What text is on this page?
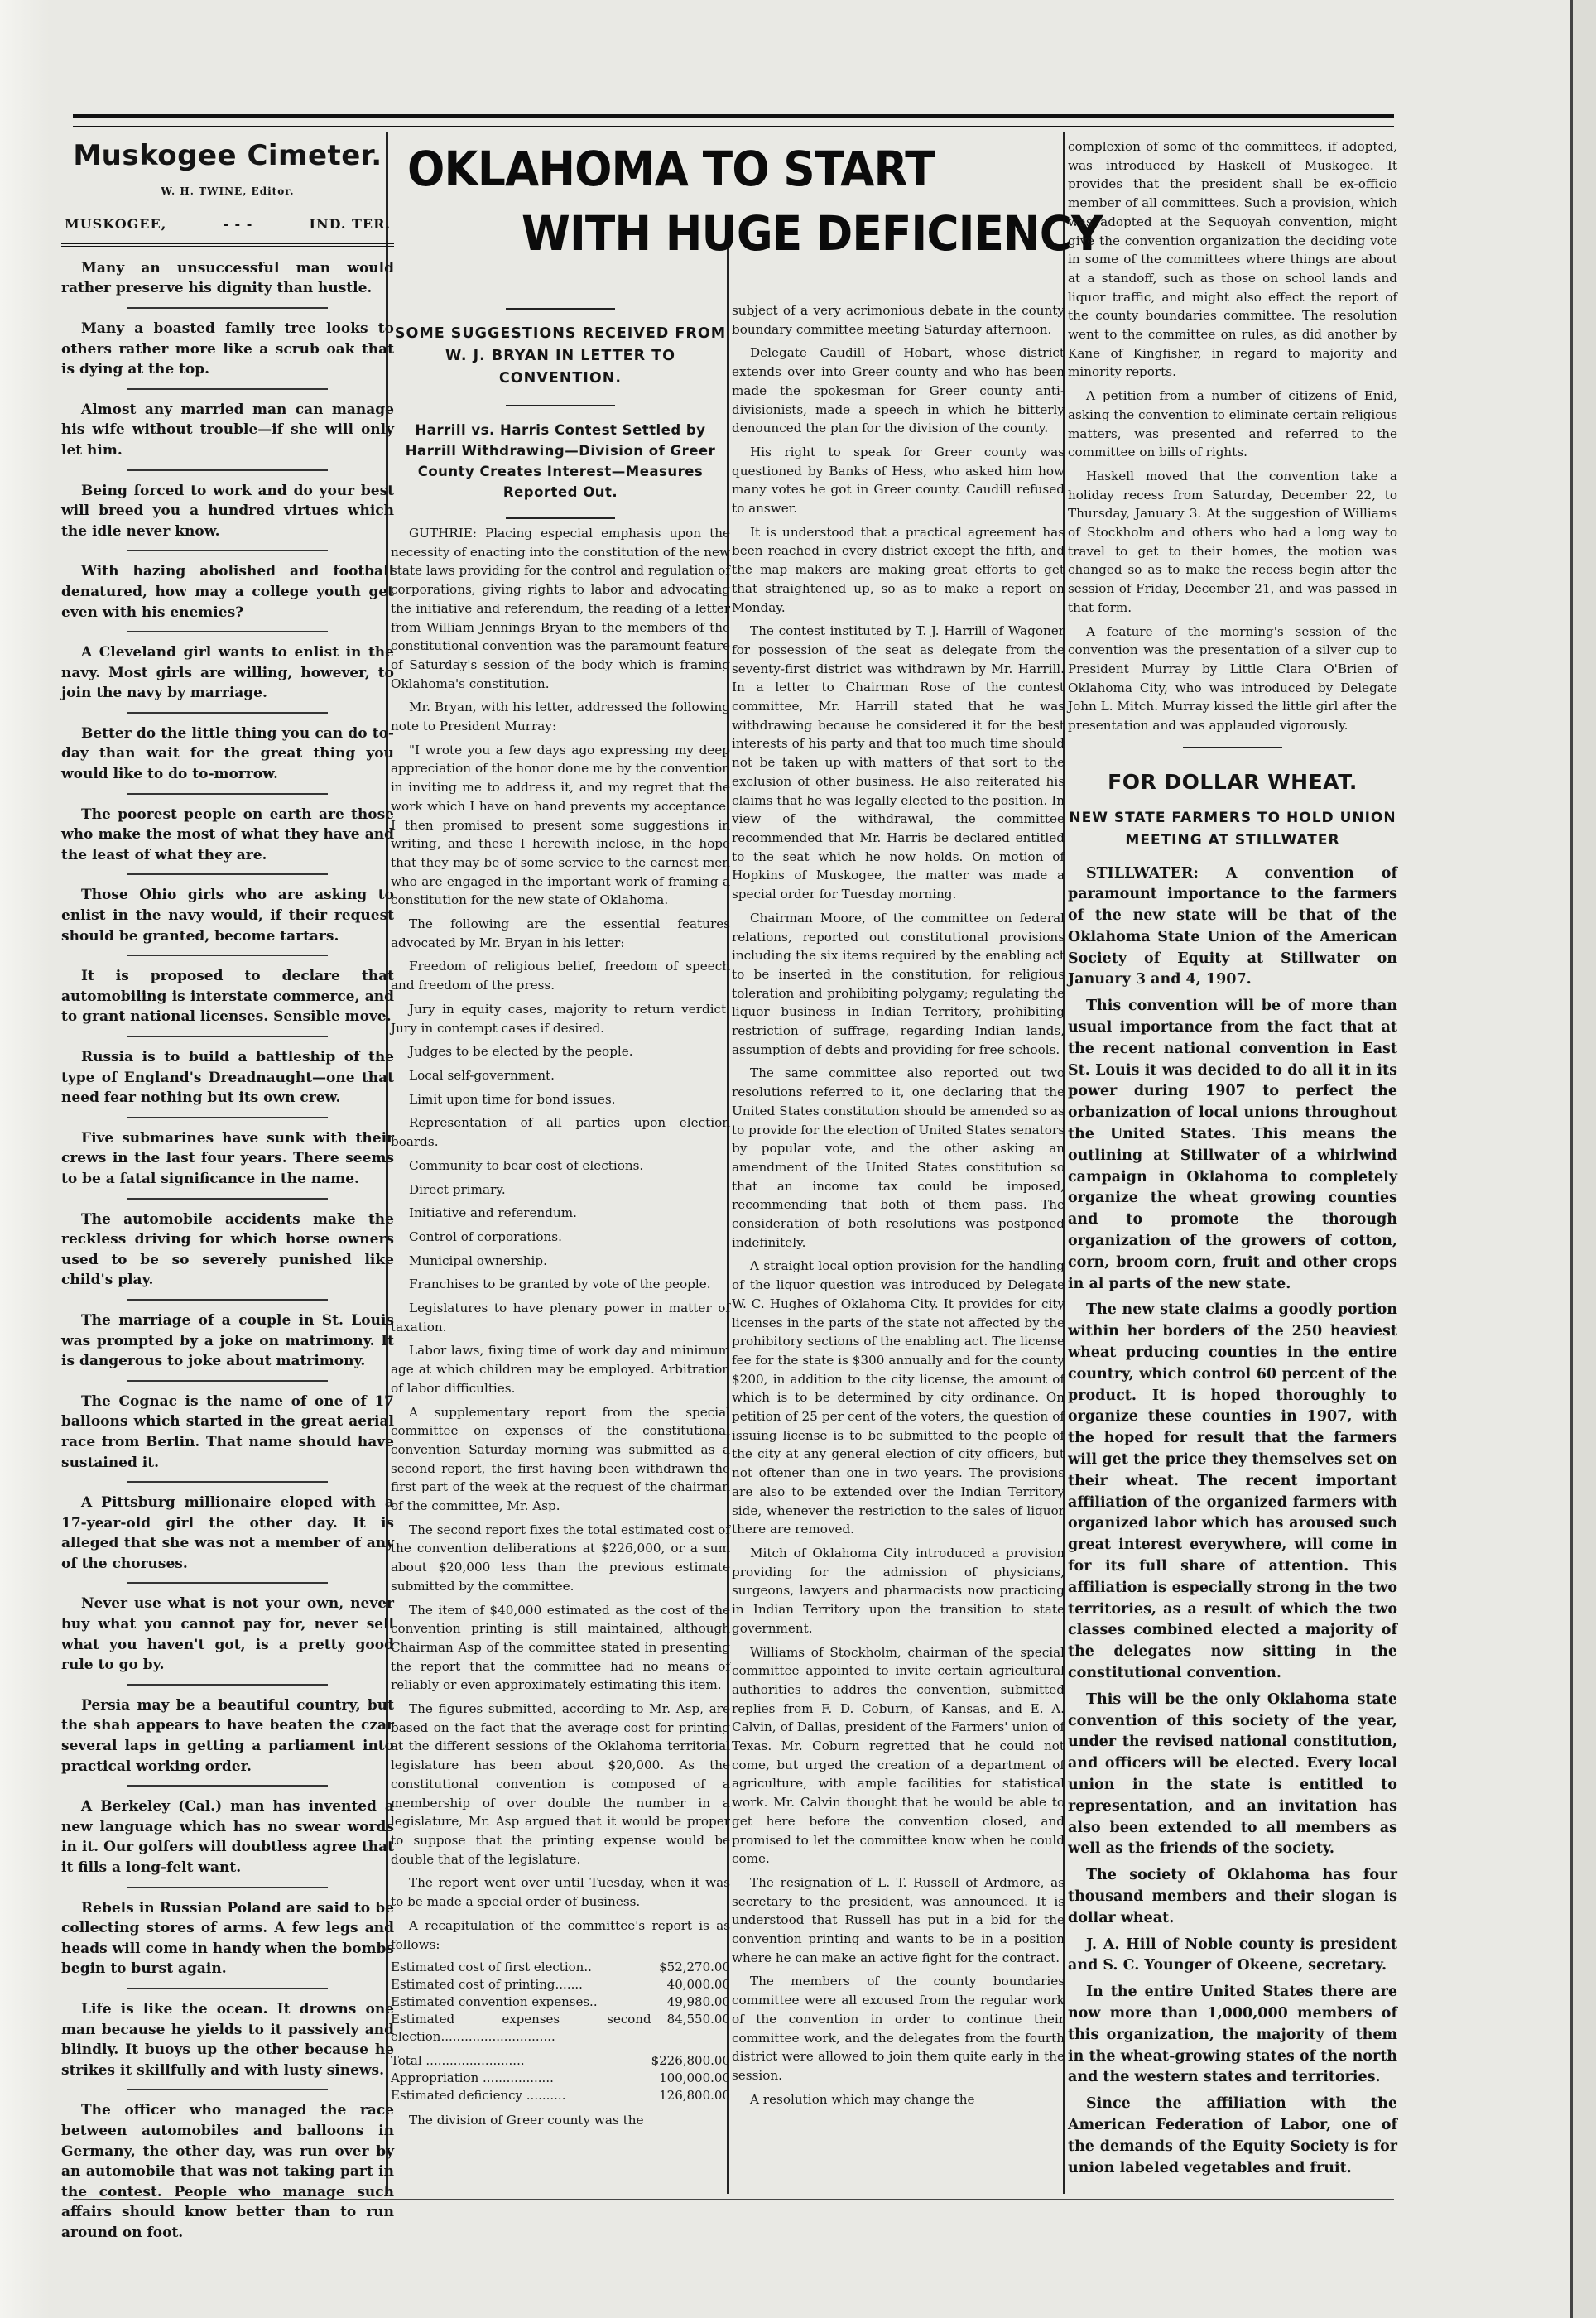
Muskogee Cimeter.
W. H. TWINE, Editor.
MUSKOGEE,	- - -	IND. TER.

Many an unsuccessful man would rather preserve his dignity than hustle.

Many a boasted family tree looks to others rather more like a scrub oak that is dying at the top.

Almost any married man can manage his wife without trouble—if she will only let him.

Being forced to work and do your best will breed you a hundred virtues which the idle never know.

With hazing abolished and football denatured, how may a college youth get even with his enemies?

A Cleveland girl wants to enlist in the navy. Most girls are willing, however, to join the navy by marriage.

Better do the little thing you can do to-day than wait for the great thing you would like to do to-morrow.

The poorest people on earth are those who make the most of what they have and the least of what they are.

Those Ohio girls who are asking to enlist in the navy would, if their request should be granted, become tartars.

It is proposed to declare that automobiling is interstate commerce, and to grant national licenses. Sensible move.

Russia is to build a battleship of the type of England's Dreadnaught—one that need fear nothing but its own crew.

Five submarines have sunk with their crews in the last four years. There seems to be a fatal significance in the name.

The automobile accidents make the reckless driving for which horse owners used to be so severely punished like child's play.

The marriage of a couple in St. Louis was prompted by a joke on matrimony. It is dangerous to joke about matrimony.

The Cognac is the name of one of 17 balloons which started in the great aerial race from Berlin. That name should have sustained it.

A Pittsburg millionaire eloped with a 17-year-old girl the other day. It is alleged that she was not a member of any of the choruses.

Never use what is not your own, never buy what you cannot pay for, never sell what you haven't got, is a pretty good rule to go by.

Persia may be a beautiful country, but the shah appears to have beaten the czar several laps in getting a parliament into practical working order.

A Berkeley (Cal.) man has invented a new language which has no swear words in it. Our golfers will doubtless agree that it fills a long-felt want.

Rebels in Russian Poland are said to be collecting stores of arms. A few legs and heads will come in handy when the bombs begin to burst again.

Life is like the ocean. It drowns one man because he yields to it passively and blindly. It buoys up the other because he strikes it skillfully and with lusty sinews.

The officer who managed the race between automobiles and balloons in Germany, the other day, was run over by an automobile that was not taking part in the contest. People who manage such affairs should know better than to run around on foot.

OKLAHOMA TO START
WITH HUGE DEFICIENCY
SOME SUGGESTIONS RECEIVED FROM W. J. BRYAN IN LETTER TO CONVENTION.
Harrill vs. Harris Contest Settled by Harrill Withdrawing—Division of Greer County Creates Interest—Measures Reported Out.

GUTHRIE: Placing especial emphasis upon the necessity of enacting into the constitution of the new state laws providing for the control and regulation of corporations, giving rights to labor and advocating the initiative and referendum, the reading of a letter from William Jennings Bryan to the members of the constitutional convention was the paramount feature of Saturday's session of the body which is framing Oklahoma's constitution.

Mr. Bryan, with his letter, addressed the following note to President Murray:

"I wrote you a few days ago expressing my deep appreciation of the honor done me by the convention in inviting me to address it, and my regret that the work which I have on hand prevents my acceptance. I then promised to present some suggestions in writing, and these I herewith inclose, in the hope that they may be of some service to the earnest men who are engaged in the important work of framing a constitution for the new state of Oklahoma.

The following are the essential features advocated by Mr. Bryan in his letter:

Freedom of religious belief, freedom of speech and freedom of the press.

Jury in equity cases, majority to return verdict. Jury in contempt cases if desired.

Judges to be elected by the people.

Local self-government.

Limit upon time for bond issues.

Representation of all parties upon election boards.

Community to bear cost of elections.

Direct primary.

Initiative and referendum.

Control of corporations.

Municipal ownership.

Franchises to be granted by vote of the people.

Legislatures to have plenary power in matter of taxation.

Labor laws, fixing time of work day and minimum age at which children may be employed. Arbitration of labor difficulties.

A supplementary report from the special committee on expenses of the constitutional convention Saturday morning was submitted as a second report, the first having been withdrawn the first part of the week at the request of the chairman of the committee, Mr. Asp.

The second report fixes the total estimated cost of the convention deliberations at $226,000, or a sum about $20,000 less than the previous estimate submitted by the committee.

The item of $40,000 estimated as the cost of the convention printing is still maintained, although Chairman Asp of the committee stated in presenting the report that the committee had no means of reliably or even approximately estimating this item.

The figures submitted, according to Mr. Asp, are based on the fact that the average cost for printing at the different sessions of the Oklahoma territorial legislature has been about $20,000. As the constitutional convention is composed of a membership of over double the number in a legislature, Mr. Asp argued that it would be proper to suppose that the printing expense would be double that of the legislature.

The report went over until Tuesday, when it was to be made a special order of business.

A recapitulation of the committee's report is as follows:

Estimated cost of first election..	$52,270.00
Estimated cost of printing.......	40,000.00
Estimated convention expenses..	49,980.00
Estimated expenses second election.............................	84,550.00
Total .........................	$226,800.00
Appropriation ..................	100,000.00
Estimated deficiency ..........	126,800.00

The division of Greer county was the

subject of a very acrimonious debate in the county boundary committee meeting Saturday afternoon.

Delegate Caudill of Hobart, whose district extends over into Greer county and who has been made the spokesman for Greer county anti-divisionists, made a speech in which he bitterly denounced the plan for the division of the county.

His right to speak for Greer county was questioned by Banks of Hess, who asked him how many votes he got in Greer county. Caudill refused to answer.

It is understood that a practical agreement has been reached in every district except the fifth, and the map makers are making great efforts to get that straightened up, so as to make a report on Monday.

The contest instituted by T. J. Harrill of Wagoner for possession of the seat as delegate from the seventy-first district was withdrawn by Mr. Harrill. In a letter to Chairman Rose of the contest committee, Mr. Harrill stated that he was withdrawing because he considered it for the best interests of his party and that too much time should not be taken up with matters of that sort to the exclusion of other business. He also reiterated his claims that he was legally elected to the position. In view of the withdrawal, the committee recommended that Mr. Harris be declared entitled to the seat which he now holds. On motion of Hopkins of Muskogee, the matter was made a special order for Tuesday morning.

Chairman Moore, of the committee on federal relations, reported out constitutional provisions including the six items required by the enabling act to be inserted in the constitution, for religious toleration and prohibiting polygamy; regulating the liquor business in Indian Territory, prohibiting restriction of suffrage, regarding Indian lands, assumption of debts and providing for free schools.

The same committee also reported out two resolutions referred to it, one declaring that the United States constitution should be amended so as to provide for the election of United States senators by popular vote, and the other asking an amendment of the United States constitution so that an income tax could be imposed, recommending that both of them pass. The consideration of both resolutions was postponed indefinitely.

A straight local option provision for the handling of the liquor question was introduced by Delegate W. C. Hughes of Oklahoma City. It provides for city licenses in the parts of the state not affected by the prohibitory sections of the enabling act. The license fee for the state is $300 annually and for the county $200, in addition to the city license, the amount of which is to be determined by city ordinance. On petition of 25 per cent of the voters, the question of issuing license is to be submitted to the people of the city at any general election of city officers, but not oftener than one in two years. The provisions are also to be extended over the Indian Territory side, whenever the restriction to the sales of liquor there are removed.

Mitch of Oklahoma City introduced a provision providing for the admission of physicians, surgeons, lawyers and pharmacists now practicing in Indian Territory upon the transition to state government.

Williams of Stockholm, chairman of the special committee appointed to invite certain agricultural authorities to addres the convention, submitted replies from F. D. Coburn, of Kansas, and E. A. Calvin, of Dallas, president of the Farmers' union of Texas. Mr. Coburn regretted that he could not come, but urged the creation of a department of agriculture, with ample facilities for statistical work. Mr. Calvin thought that he would be able to get here before the convention closed, and promised to let the committee know when he could come.

The resignation of L. T. Russell of Ardmore, as secretary to the president, was announced. It is understood that Russell has put in a bid for the convention printing and wants to be in a position where he can make an active fight for the contract.

The members of the county boundaries committee were all excused from the regular work of the convention in order to continue their committee work, and the delegates from the fourth district were allowed to join them quite early in the session.

A resolution which may change the

complexion of some of the committees, if adopted, was introduced by Haskell of Muskogee. It provides that the president shall be ex-officio member of all committees. Such a provision, which was adopted at the Sequoyah convention, might give the convention organization the deciding vote in some of the committees where things are about at a standoff, such as those on school lands and liquor traffic, and might also effect the report of the county boundaries committee. The resolution went to the committee on rules, as did another by Kane of Kingfisher, in regard to majority and minority reports.

A petition from a number of citizens of Enid, asking the convention to eliminate certain religious matters, was presented and referred to the committee on bills of rights.

Haskell moved that the convention take a holiday recess from Saturday, December 22, to Thursday, January 3. At the suggestion of Williams of Stockholm and others who had a long way to travel to get to their homes, the motion was changed so as to make the recess begin after the session of Friday, December 21, and was passed in that form.

A feature of the morning's session of the convention was the presentation of a silver cup to President Murray by Little Clara O'Brien of Oklahoma City, who was introduced by Delegate John L. Mitch. Murray kissed the little girl after the presentation and was applauded vigorously.

FOR DOLLAR WHEAT.
NEW STATE FARMERS TO HOLD UNION MEETING AT STILLWATER

STILLWATER: A convention of paramount importance to the farmers of the new state will be that of the Oklahoma State Union of the American Society of Equity at Stillwater on January 3 and 4, 1907.

This convention will be of more than usual importance from the fact that at the recent national convention in East St. Louis it was decided to do all it in its power during 1907 to perfect the orbanization of local unions throughout the United States. This means the outlining at Stillwater of a whirlwind campaign in Oklahoma to completely organize the wheat growing counties and to promote the thorough organization of the growers of cotton, corn, broom corn, fruit and other crops in al parts of the new state.

The new state claims a goodly portion within her borders of the 250 heaviest wheat prducing counties in the entire country, which control 60 percent of the product. It is hoped thoroughly to organize these counties in 1907, with the hoped for result that the farmers will get the price they themselves set on their wheat. The recent important affiliation of the organized farmers with organized labor which has aroused such great interest everywhere, will come in for its full share of attention. This affiliation is especially strong in the two territories, as a result of which the two classes combined elected a majority of the delegates now sitting in the constitutional convention.

This will be the only Oklahoma state convention of this society of the year, under the revised national constitution, and officers will be elected. Every local union in the state is entitled to representation, and an invitation has also been extended to all members as well as the friends of the society.

The society of Oklahoma has four thousand members and their slogan is dollar wheat.

J. A. Hill of Noble county is president and S. C. Younger of Okeene, secretary.

In the entire United States there are now more than 1,000,000 members of this organization, the majority of them in the wheat-growing states of the north and the western states and territories.

Since the affiliation with the American Federation of Labor, one of the demands of the Equity Society is for union labeled vegetables and fruit.
